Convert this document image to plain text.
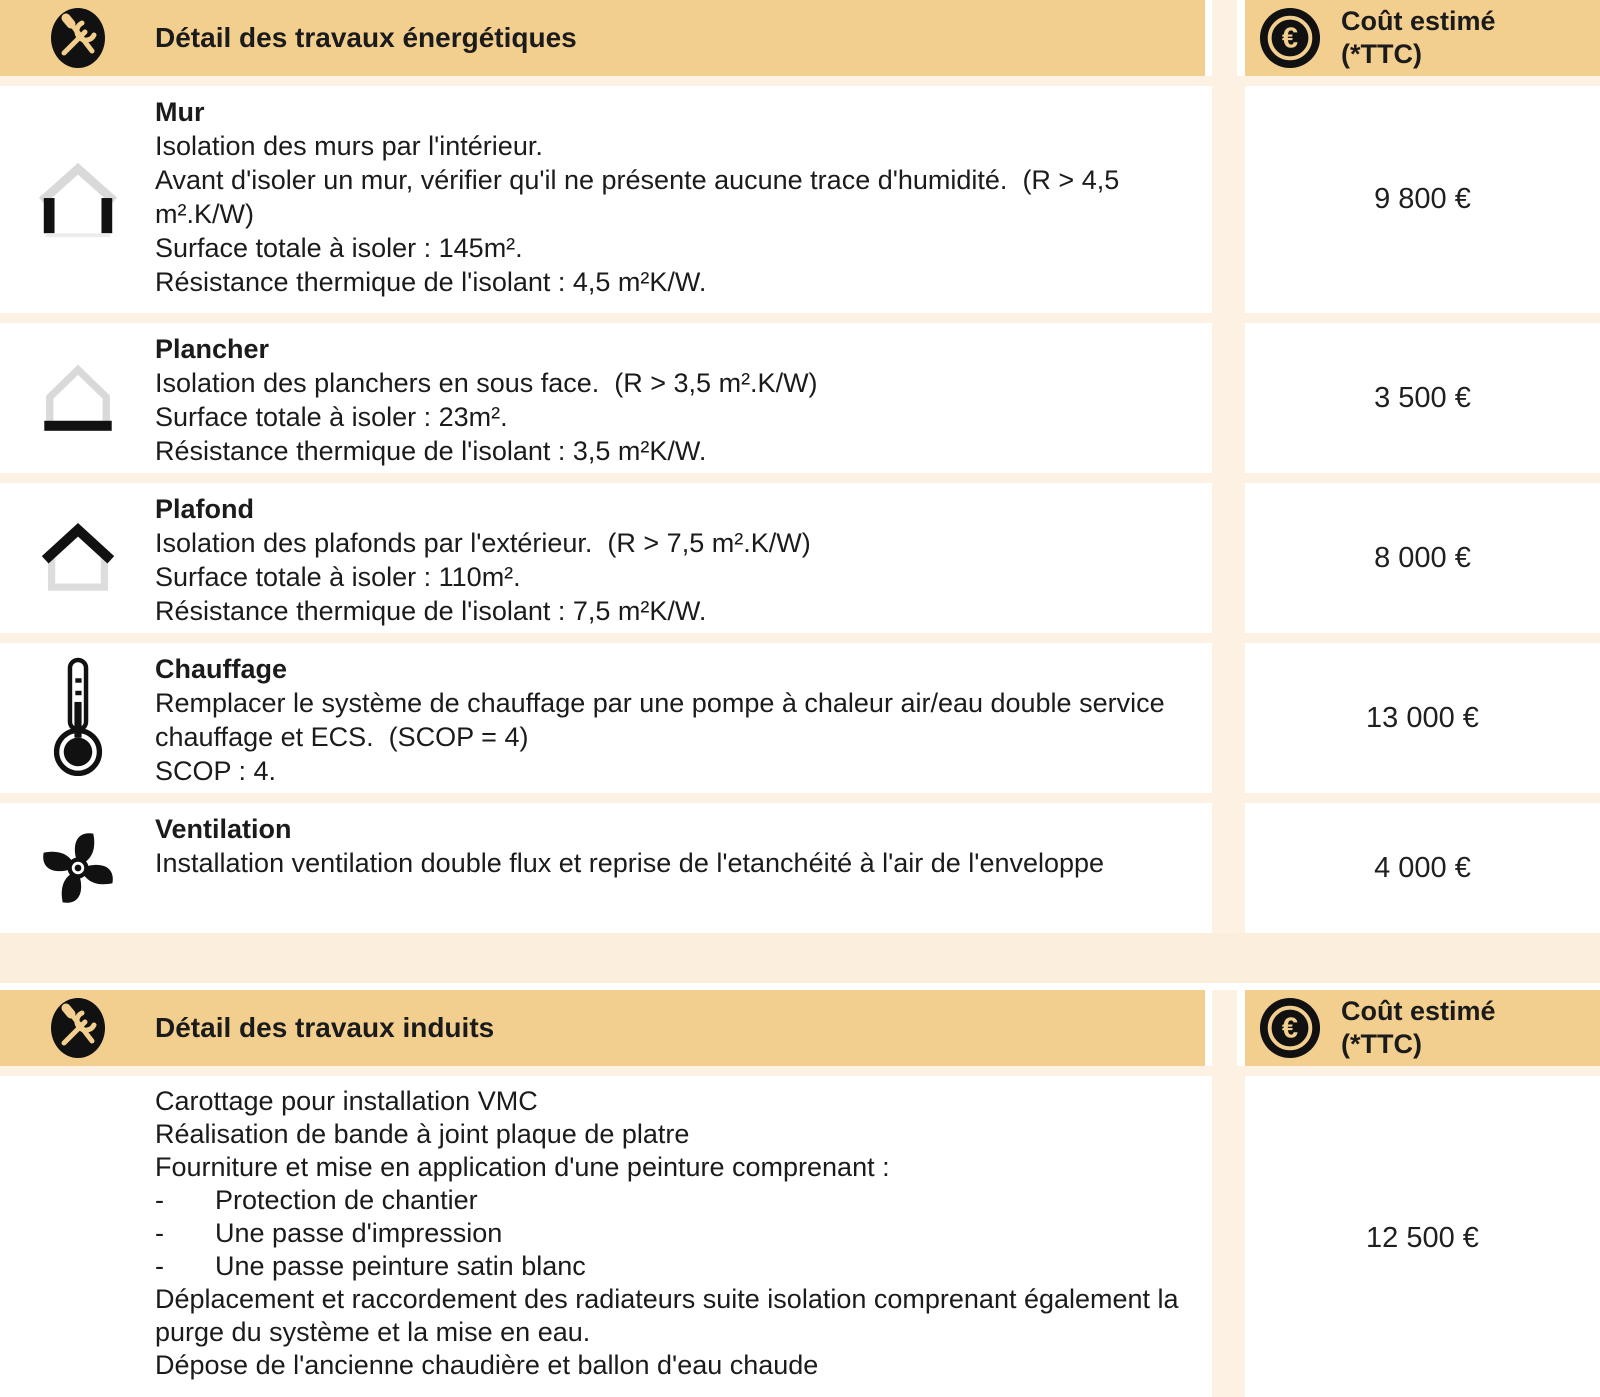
Détail des travaux énergétiques	€
Coût estimé
(*TTC)
Mur
Isolation des murs par l'intérieur.
Avant d'isoler un mur, vérifier qu'il ne présente aucune trace d'humidité.  (R > 4,5 m².K/W)
Surface totale à isoler : 145m².
Résistance thermique de l'isolant : 4,5 m²K/W.
9 800 €
Plancher
Isolation des planchers en sous face.  (R > 3,5 m².K/W)
Surface totale à isoler : 23m².
Résistance thermique de l'isolant : 3,5 m²K/W.
3 500 €
Plafond
Isolation des plafonds par l'extérieur.  (R > 7,5 m².K/W)
Surface totale à isoler : 110m².
Résistance thermique de l'isolant : 7,5 m²K/W.
8 000 €
Chauffage
Remplacer le système de chauffage par une pompe à chaleur air/eau double service chauffage et ECS.  (SCOP = 4)
SCOP : 4.
13 000 €
Ventilation
Installation ventilation double flux et reprise de l'etanchéité à l'air de l'enveloppe	4 000 €
Détail des travaux induits	€
Coût estimé
(*TTC)
Carottage pour installation VMC
Réalisation de bande à joint plaque de platre
Fourniture et mise en application d'une peinture comprenant :
-	Protection de chantier
-	Une passe d'impression
-	Une passe peinture satin blanc
Déplacement et raccordement des radiateurs suite isolation comprenant également la purge du système et la mise en eau.
Dépose de l'ancienne chaudière et ballon d'eau chaude
12 500 €
